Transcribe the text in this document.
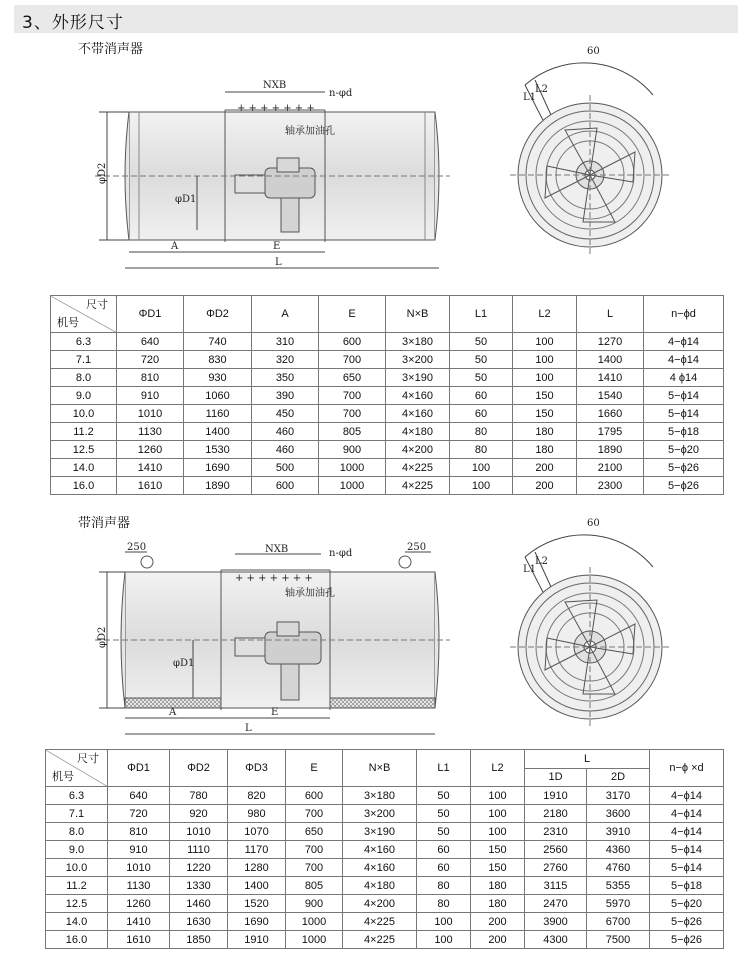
3、外形尺寸
不带消声器
+ + + + + + +
φD2
φD1
A	E
L
NXB
n-φd
轴承加油孔
60
L1
L2
尺寸
机号	ΦD1	ΦD2	A	E	N×B	L1	L2	L	n−ϕd
6.3	640	740	310	600	3×180	50	100	1270	4−ϕ14
7.1	720	830	320	700	3×200	50	100	1400	4−ϕ14
8.0	810	930	350	650	3×190	50	100	1410	4 ϕ14
9.0	910	1060	390	700	4×160	60	150	1540	5−ϕ14
10.0	1010	1160	450	700	4×160	60	150	1660	5−ϕ14
11.2	1130	1400	460	805	4×180	80	180	1795	5−ϕ18
12.5	1260	1530	460	900	4×200	80	180	1890	5−ϕ20
14.0	1410	1690	500	1000	4×225	100	200	2100	5−ϕ26
16.0	1610	1890	600	1000	4×225	100	200	2300	5−ϕ26
带消声器
+ + + + + + +
250	250
NXB	n-φd
轴承加油孔
φD2
φD1
A	E
L
60
L1
L2
尺寸
机号	ΦD1	ΦD2	ΦD3	E	N×B	L1	L2	L		n−ϕ ×d
								1D	2D	
6.3	640	780	820	600	3×180	50	100	1910	3170	4−ϕ14
7.1	720	920	980	700	3×200	50	100	2180	3600	4−ϕ14
8.0	810	1010	1070	650	3×190	50	100	2310	3910	4−ϕ14
9.0	910	1110	1170	700	4×160	60	150	2560	4360	5−ϕ14
10.0	1010	1220	1280	700	4×160	60	150	2760	4760	5−ϕ14
11.2	1130	1330	1400	805	4×180	80	180	3115	5355	5−ϕ18
12.5	1260	1460	1520	900	4×200	80	180	2470	5970	5−ϕ20
14.0	1410	1630	1690	1000	4×225	100	200	3900	6700	5−ϕ26
16.0	1610	1850	1910	1000	4×225	100	200	4300	7500	5−ϕ26
